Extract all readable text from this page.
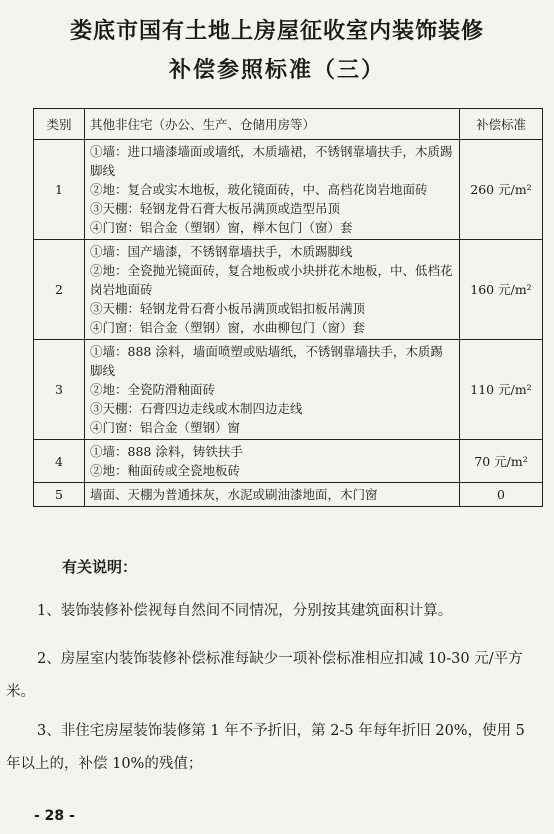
娄底市国有土地上房屋征收室内装饰装修
补偿参照标准（三）
类别	其他非住宅（办公、生产、仓储用房等）	补偿标准
1	①墙：进口墙漆墙面或墙纸，木质墙裙，不锈钢靠墙扶手，木质踢脚线
②地：复合或实木地板，玻化镜面砖，中、高档花岗岩地面砖
③天棚：轻钢龙骨石膏大板吊满顶或造型吊顶
④门窗：铝合金（塑钢）窗，榉木包门（窗）套	260 元/m²
2	①墙：国产墙漆，不锈钢靠墙扶手，木质踢脚线
②地：全瓷抛光镜面砖，复合地板或小块拼花木地板，中、低档花岗岩地面砖
③天棚：轻钢龙骨石膏小板吊满顶或铝扣板吊满顶
④门窗：铝合金（塑钢）窗，水曲柳包门（窗）套	160 元/m²
3	①墙：888 涂料，墙面喷塑或贴墙纸，不锈钢靠墙扶手，木质踢脚线
②地：全瓷防滑釉面砖
③天棚：石膏四边走线或木制四边走线
④门窗：铝合金（塑钢）窗	110 元/m²
4	①墙：888 涂料，铸铁扶手
②地：釉面砖或全瓷地板砖	70 元/m²
5	墙面、天棚为普通抹灰，水泥或刷油漆地面，木门窗	0
有关说明：
1、装饰装修补偿视每自然间不同情况，分别按其建筑面积计算。
2、房屋室内装饰装修补偿标准每缺少一项补偿标准相应扣减 10-30 元/平方米。
3、非住宅房屋装饰装修第 1 年不予折旧，第 2-5 年每年折旧 20%，使用 5 年以上的，补偿 10%的残值；
- 28 -
